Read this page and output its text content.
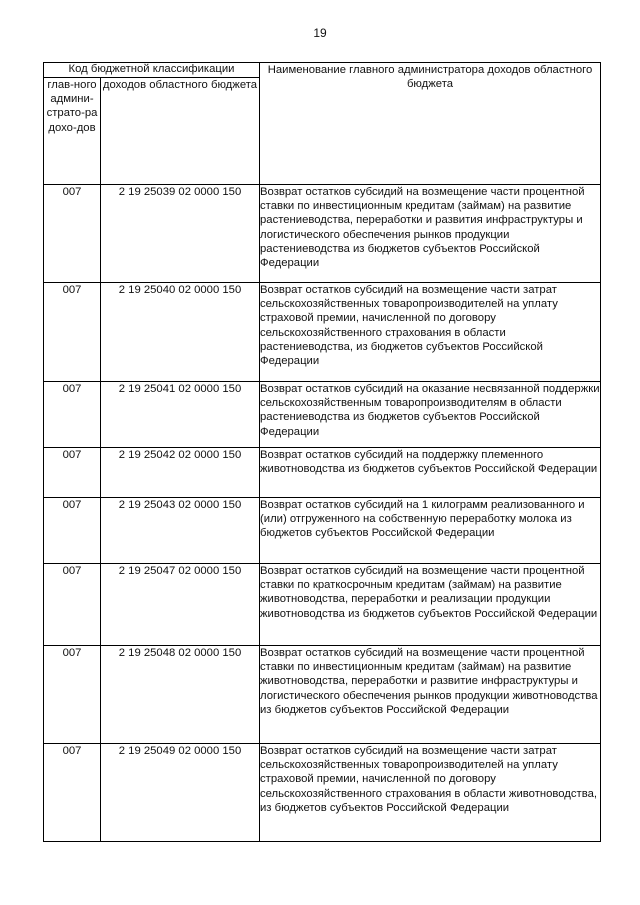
19
Код бюджетной классификации		Наименование главного администратора доходов областного бюджета
глав-ного админи-страто-ра дохо-дов	доходов областного бюджета	
007	2 19 25039 02 0000 150	Возврат остатков субсидий на возмещение части процентной ставки по инвестиционным кредитам (займам) на развитие растениеводства, переработки и развития инфраструктуры и логистического обеспечения рынков продукции растениеводства из бюджетов субъектов Российской Федерации
007	2 19 25040 02 0000 150	Возврат остатков субсидий на возмещение части затрат сельскохозяйственных товаропроизводителей на уплату страховой премии, начисленной по договору сельскохозяйственного страхования в области растениеводства, из бюджетов субъектов Российской Федерации
007	2 19 25041 02 0000 150	Возврат остатков субсидий на оказание несвязанной поддержки сельскохозяйственным товаропроизводителям в области растениеводства из бюджетов субъектов Российской Федерации
007	2 19 25042 02 0000 150	Возврат остатков субсидий на поддержку племенного животноводства из бюджетов субъектов Российской Федерации
007	2 19 25043 02 0000 150	Возврат остатков субсидий на 1 килограмм реализованного и (или) отгруженного на собственную переработку молока из бюджетов субъектов Российской Федерации
007	2 19 25047 02 0000 150	Возврат остатков субсидий на возмещение части процентной ставки по краткосрочным кредитам (займам) на развитие животноводства, переработки и реализации продукции животноводства из бюджетов субъектов Российской Федерации
007	2 19 25048 02 0000 150	Возврат остатков субсидий на возмещение части процентной ставки по инвестиционным кредитам (займам) на развитие животноводства, переработки и развитие инфраструктуры и логистического обеспечения рынков продукции животноводства из бюджетов субъектов Российской Федерации
007	2 19 25049 02 0000 150	Возврат остатков субсидий на возмещение части затрат сельскохозяйственных товаропроизводителей на уплату страховой премии, начисленной по договору сельскохозяйственного страхования в области животноводства, из бюджетов субъектов Российской Федерации
